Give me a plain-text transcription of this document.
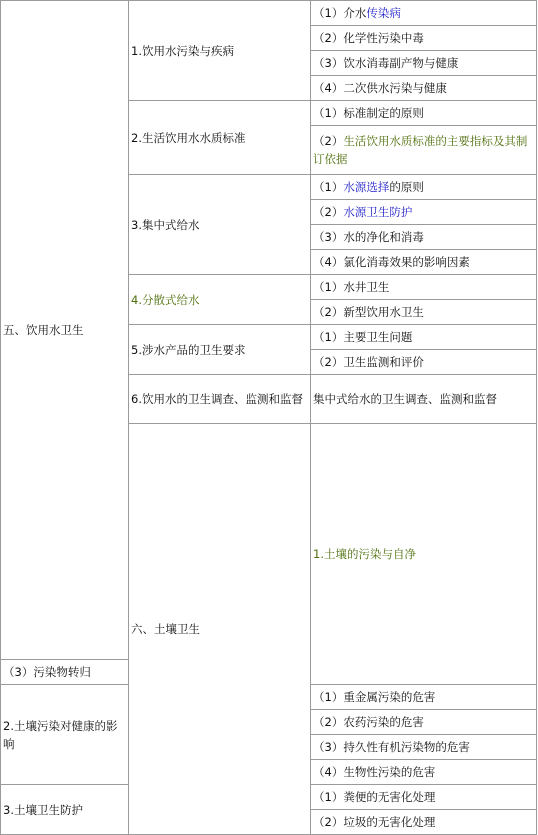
五、饮用水卫生	1.饮用水污染与疾病	（1）介水传染病	
		（2）化学性污染中毒	
		（3）饮水消毒副产物与健康	
		（4）二次供水污染与健康	
	2.生活饮用水水质标准	（1）标准制定的原则	
		（2）生活饮用水质标准的主要指标及其制订依据	
	3.集中式给水	（1）水源选择的原则	
		（2）水源卫生防护	
		（3）水的净化和消毒	
		（4）氯化消毒效果的影响因素	
	4.分散式给水	（1）水井卫生	
		（2）新型饮用水卫生	
	5.涉水产品的卫生要求	（1）主要卫生问题	
		（2）卫生监测和评价	
	6.饮用水的卫生调查、监测和监督	集中式给水的卫生调查、监测和监督	
	六、土壤卫生	1.土壤的污染与自净	

（3）污染物转归			
2.土壤污染对健康的影响		（1）重金属污染的危害	
		（2）农药污染的危害	
		（3）持久性有机污染物的危害	
		（4）生物性污染的危害	
3.土壤卫生防护		（1）粪便的无害化处理	
		（2）垃圾的无害化处理	
